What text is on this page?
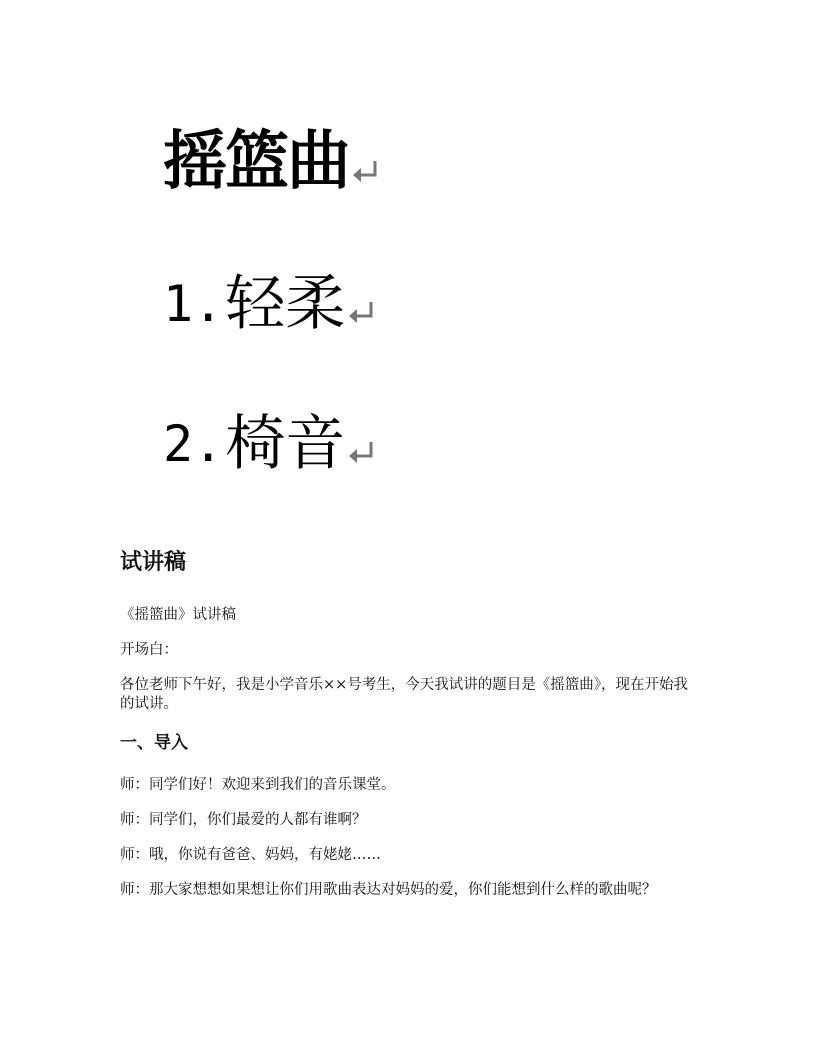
摇篮曲
1. 轻柔
2. 椅音
试讲稿

《摇篮曲》试讲稿

开场白：

各位老师下午好，我是小学音乐××号考生，今天我试讲的题目是《摇篮曲》，现在开始我的试讲。

一、导入

师：同学们好！欢迎来到我们的音乐课堂。

师：同学们，你们最爱的人都有谁啊？

师：哦，你说有爸爸、妈妈，有姥姥……

师：那大家想想如果想让你们用歌曲表达对妈妈的爱，你们能想到什么样的歌曲呢？
